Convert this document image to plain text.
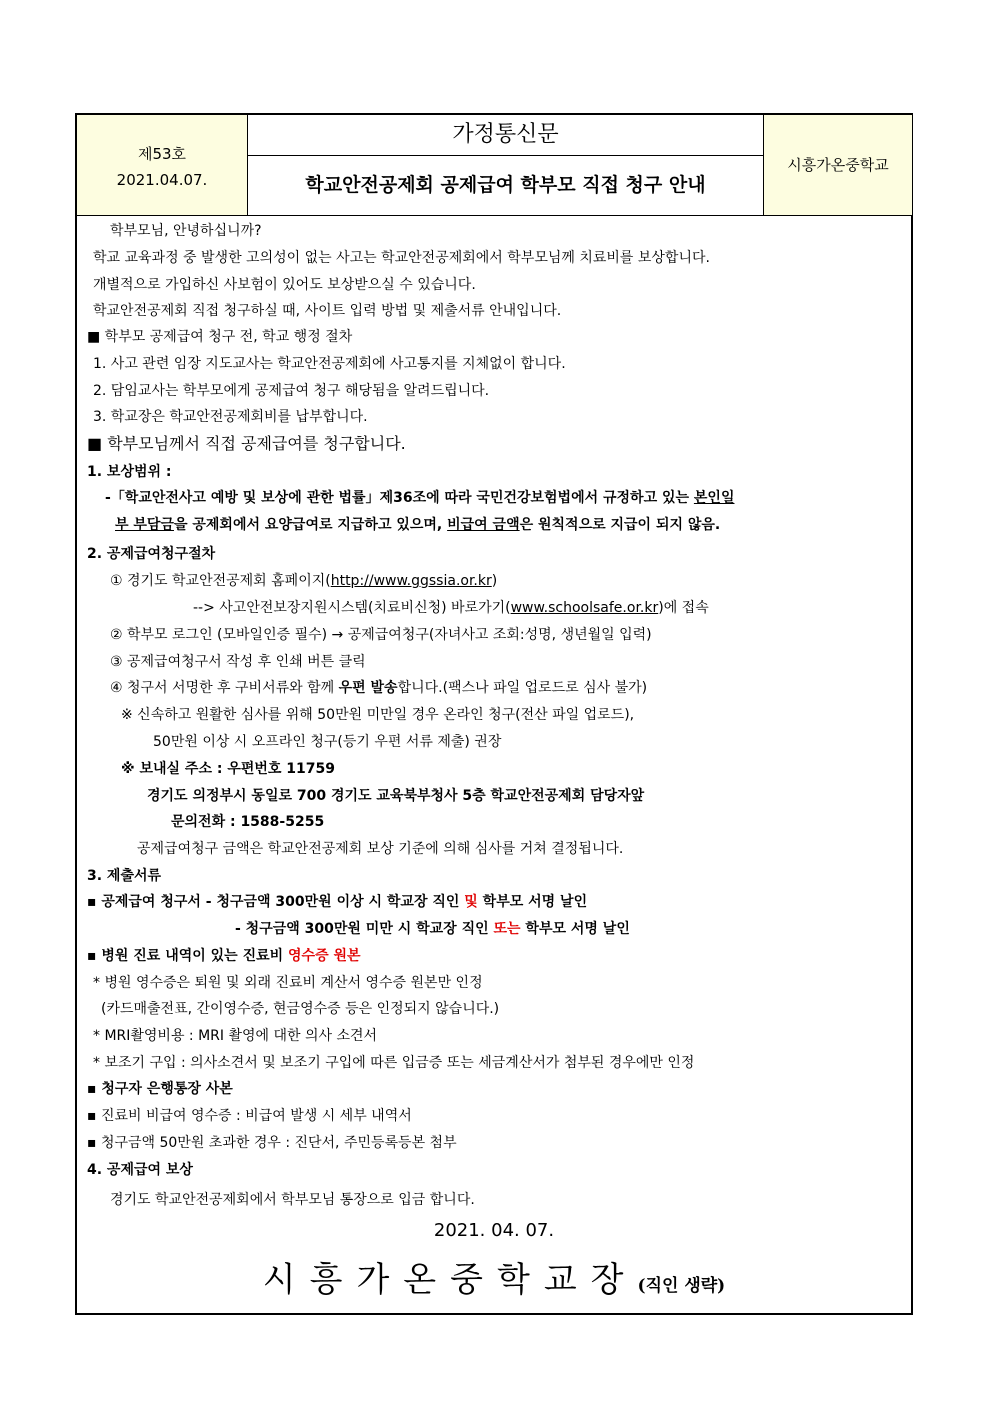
제53호
2021.04.07.
가정통신문
학교안전공제회 공제급여 학부모 직접 청구 안내
시흥가온중학교
학부모님, 안녕하십니까?
학교 교육과정 중 발생한 고의성이 없는 사고는 학교안전공제회에서 학부모님께 치료비를 보상합니다.
개별적으로 가입하신 사보험이 있어도 보상받으실 수 있습니다.
학교안전공제회 직접 청구하실 때, 사이트 입력 방법 및 제출서류 안내입니다.
■ 학부모 공제급여 청구 전, 학교 행정 절차
1. 사고 관련 임장 지도교사는 학교안전공제회에 사고통지를 지체없이 합니다.
2. 담임교사는 학부모에게 공제급여 청구 해당됨을 알려드립니다.
3. 학교장은 학교안전공제회비를 납부합니다.
■ 학부모님께서 직접 공제급여를 청구합니다.
1. 보상범위 :
-「학교안전사고 예방 및 보상에 관한 법률」제36조에 따라 국민건강보험법에서 규정하고 있는 본인일
부 부담금을 공제회에서 요양급여로 지급하고 있으며, 비급여 금액은 원칙적으로 지급이 되지 않음.
2. 공제급여청구절차
① 경기도 학교안전공제회 홈페이지(http://www.ggssia.or.kr)
--> 사고안전보장지원시스템(치료비신청) 바로가기(www.schoolsafe.or.kr)에 접속
② 학부모 로그인 (모바일인증 필수) → 공제급여청구(자녀사고 조회:성명, 생년월일 입력)
③ 공제급여청구서 작성 후 인쇄 버튼 클릭
④ 청구서 서명한 후 구비서류와 함께 우편 발송합니다.(팩스나 파일 업로드로 심사 불가)
※ 신속하고 원활한 심사를 위해 50만원 미만일 경우 온라인 청구(전산 파일 업로드),
50만원 이상 시 오프라인 청구(등기 우편 서류 제출) 권장
※ 보내실 주소 : 우편번호 11759
경기도 의정부시 동일로 700 경기도 교육북부청사 5층 학교안전공제회 담당자앞
문의전화 : 1588-5255
공제급여청구 금액은 학교안전공제회 보상 기준에 의해 심사를 거쳐 결정됩니다.
3. 제출서류
▪ 공제급여 청구서 - 청구금액 300만원 이상 시 학교장 직인 및 학부모 서명 날인
- 청구금액 300만원 미만 시 학교장 직인 또는 학부모 서명 날인
▪ 병원 진료 내역이 있는 진료비 영수증 원본
* 병원 영수증은 퇴원 및 외래 진료비 계산서 영수증 원본만 인정
(카드매출전표, 간이영수증, 현금영수증 등은 인정되지 않습니다.)
* MRI촬영비용 : MRI 촬영에 대한 의사 소견서
* 보조기 구입 : 의사소견서 및 보조기 구입에 따른 입금증 또는 세금계산서가 첨부된 경우에만 인정
▪ 청구자 은행통장 사본
▪ 진료비 비급여 영수증 : 비급여 발생 시 세부 내역서
▪ 청구금액 50만원 초과한 경우 : 진단서, 주민등록등본 첨부
4. 공제급여 보상
경기도 학교안전공제회에서 학부모님 통장으로 입금 합니다.
2021. 04. 07.
시흥가온중학교장(직인 생략)
